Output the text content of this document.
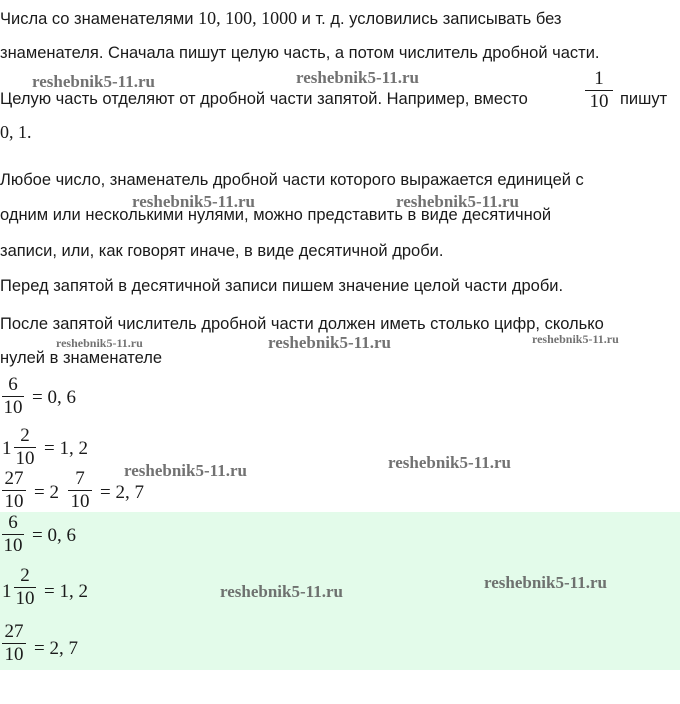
Числа со знаменателями 10, 100, 1000 и т. д. условились записывать без
знаменателя. Сначала пишут целую часть, а потом числитель дробной части.
Целую часть отделяют от дробной части запятой. Например, вместо
1
10 пишут
0, 1.
Любое число, знаменатель дробной части которого выражается единицей с
одним или несколькими нулями, можно представить в виде десятичной
записи, или, как говорят иначе, в виде десятичной дроби.
Перед запятой в десятичной записи пишем значение целой части дроби.
После запятой числитель дробной части должен иметь столько цифр, сколько
нулей в знаменателе
6
10 = 0, 6
1
2
10 = 1, 2
27
10 = 2
7
10 = 2, 7
6
10 = 0, 6
1
2
10 = 1, 2
27
10 = 2, 7
reshebnik5-11.ru	reshebnik5-11.ru
reshebnik5-11.ru	reshebnik5-11.ru
reshebnik5-11.ru	reshebnik5-11.ru	reshebnik5-11.ru
reshebnik5-11.ru	reshebnik5-11.ru
reshebnik5-11.ru	reshebnik5-11.ru
